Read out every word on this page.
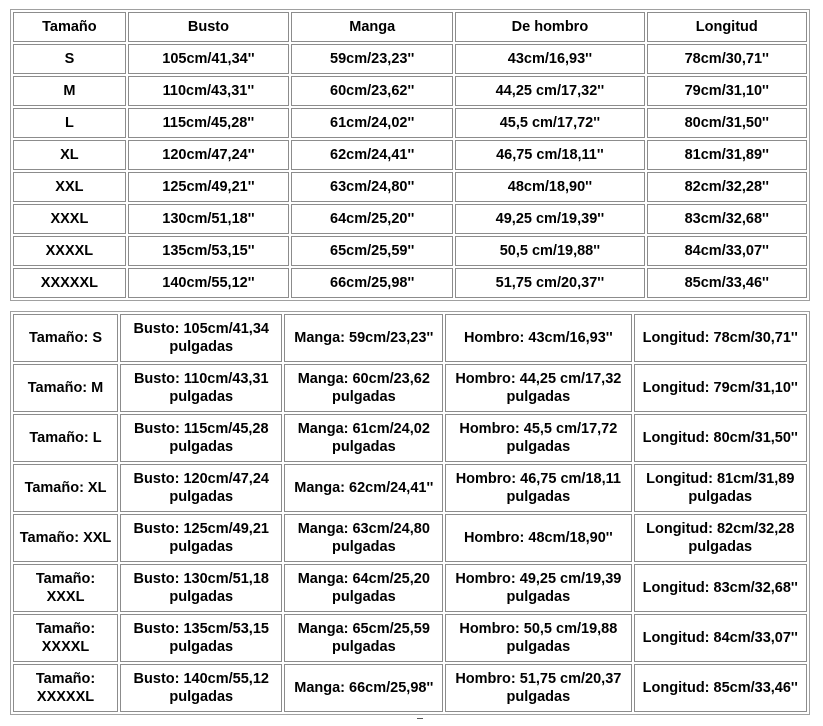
Tamaño	Busto	Manga	De hombro	Longitud
S	105cm/41,34''	59cm/23,23''	43cm/16,93''	78cm/30,71''
M	110cm/43,31''	60cm/23,62''	44,25 cm/17,32''	79cm/31,10''
L	115cm/45,28''	61cm/24,02''	45,5 cm/17,72''	80cm/31,50''
XL	120cm/47,24''	62cm/24,41''	46,75 cm/18,11''	81cm/31,89''
XXL	125cm/49,21''	63cm/24,80''	48cm/18,90''	82cm/32,28''
XXXL	130cm/51,18''	64cm/25,20''	49,25 cm/19,39''	83cm/32,68''
XXXXL	135cm/53,15''	65cm/25,59''	50,5 cm/19,88''	84cm/33,07''
XXXXXL	140cm/55,12''	66cm/25,98''	51,75 cm/20,37''	85cm/33,46''
Tamaño: S	Busto: 105cm/41,34 pulgadas	Manga: 59cm/23,23''	Hombro: 43cm/16,93''	Longitud: 78cm/30,71''
Tamaño: M	Busto: 110cm/43,31 pulgadas	Manga: 60cm/23,62 pulgadas	Hombro: 44,25 cm/17,32 pulgadas	Longitud: 79cm/31,10''
Tamaño: L	Busto: 115cm/45,28 pulgadas	Manga: 61cm/24,02 pulgadas	Hombro: 45,5 cm/17,72 pulgadas	Longitud: 80cm/31,50''
Tamaño: XL	Busto: 120cm/47,24 pulgadas	Manga: 62cm/24,41''	Hombro: 46,75 cm/18,11 pulgadas	Longitud: 81cm/31,89 pulgadas
Tamaño: XXL	Busto: 125cm/49,21 pulgadas	Manga: 63cm/24,80 pulgadas	Hombro: 48cm/18,90''	Longitud: 82cm/32,28 pulgadas
Tamaño: XXXL	Busto: 130cm/51,18 pulgadas	Manga: 64cm/25,20 pulgadas	Hombro: 49,25 cm/19,39 pulgadas	Longitud: 83cm/32,68''
Tamaño: XXXXL	Busto: 135cm/53,15 pulgadas	Manga: 65cm/25,59 pulgadas	Hombro: 50,5 cm/19,88 pulgadas	Longitud: 84cm/33,07''
Tamaño: XXXXXL	Busto: 140cm/55,12 pulgadas	Manga: 66cm/25,98''	Hombro: 51,75 cm/20,37 pulgadas	Longitud: 85cm/33,46''
